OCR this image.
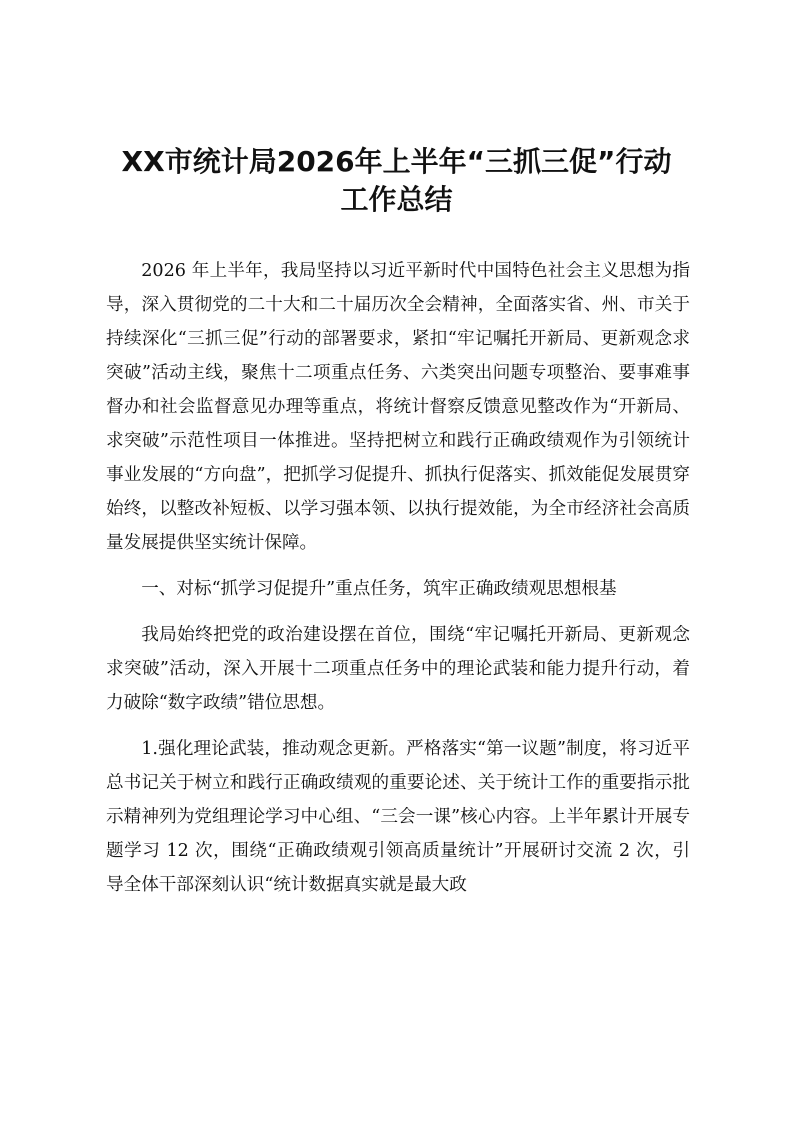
XX市统计局2026年上半年“三抓三促”行动
工作总结

2026 年上半年，我局坚持以习近平新时代中国特色社会主义思想为指导，深入贯彻党的二十大和二十届历次全会精神，全面落实省、州、市关于持续深化“三抓三促”行动的部署要求，紧扣“牢记嘱托开新局、更新观念求突破”活动主线，聚焦十二项重点任务、六类突出问题专项整治、要事难事督办和社会监督意见办理等重点，将统计督察反馈意见整改作为“开新局、求突破”示范性项目一体推进。坚持把树立和践行正确政绩观作为引领统计事业发展的“方向盘”，把抓学习促提升、抓执行促落实、抓效能促发展贯穿始终，以整改补短板、以学习强本领、以执行提效能，为全市经济社会高质量发展提供坚实统计保障。

一、对标“抓学习促提升”重点任务，筑牢正确政绩观思想根基

我局始终把党的政治建设摆在首位，围绕“牢记嘱托开新局、更新观念求突破”活动，深入开展十二项重点任务中的理论武装和能力提升行动，着力破除“数字政绩”错位思想。

1.强化理论武装，推动观念更新。严格落实“第一议题”制度，将习近平总书记关于树立和践行正确政绩观的重要论述、关于统计工作的重要指示批示精神列为党组理论学习中心组、“三会一课”核心内容。上半年累计开展专题学习 12 次，围绕“正确政绩观引领高质量统计”开展研讨交流 2 次，引导全体干部深刻认识“统计数据真实就是最大政
